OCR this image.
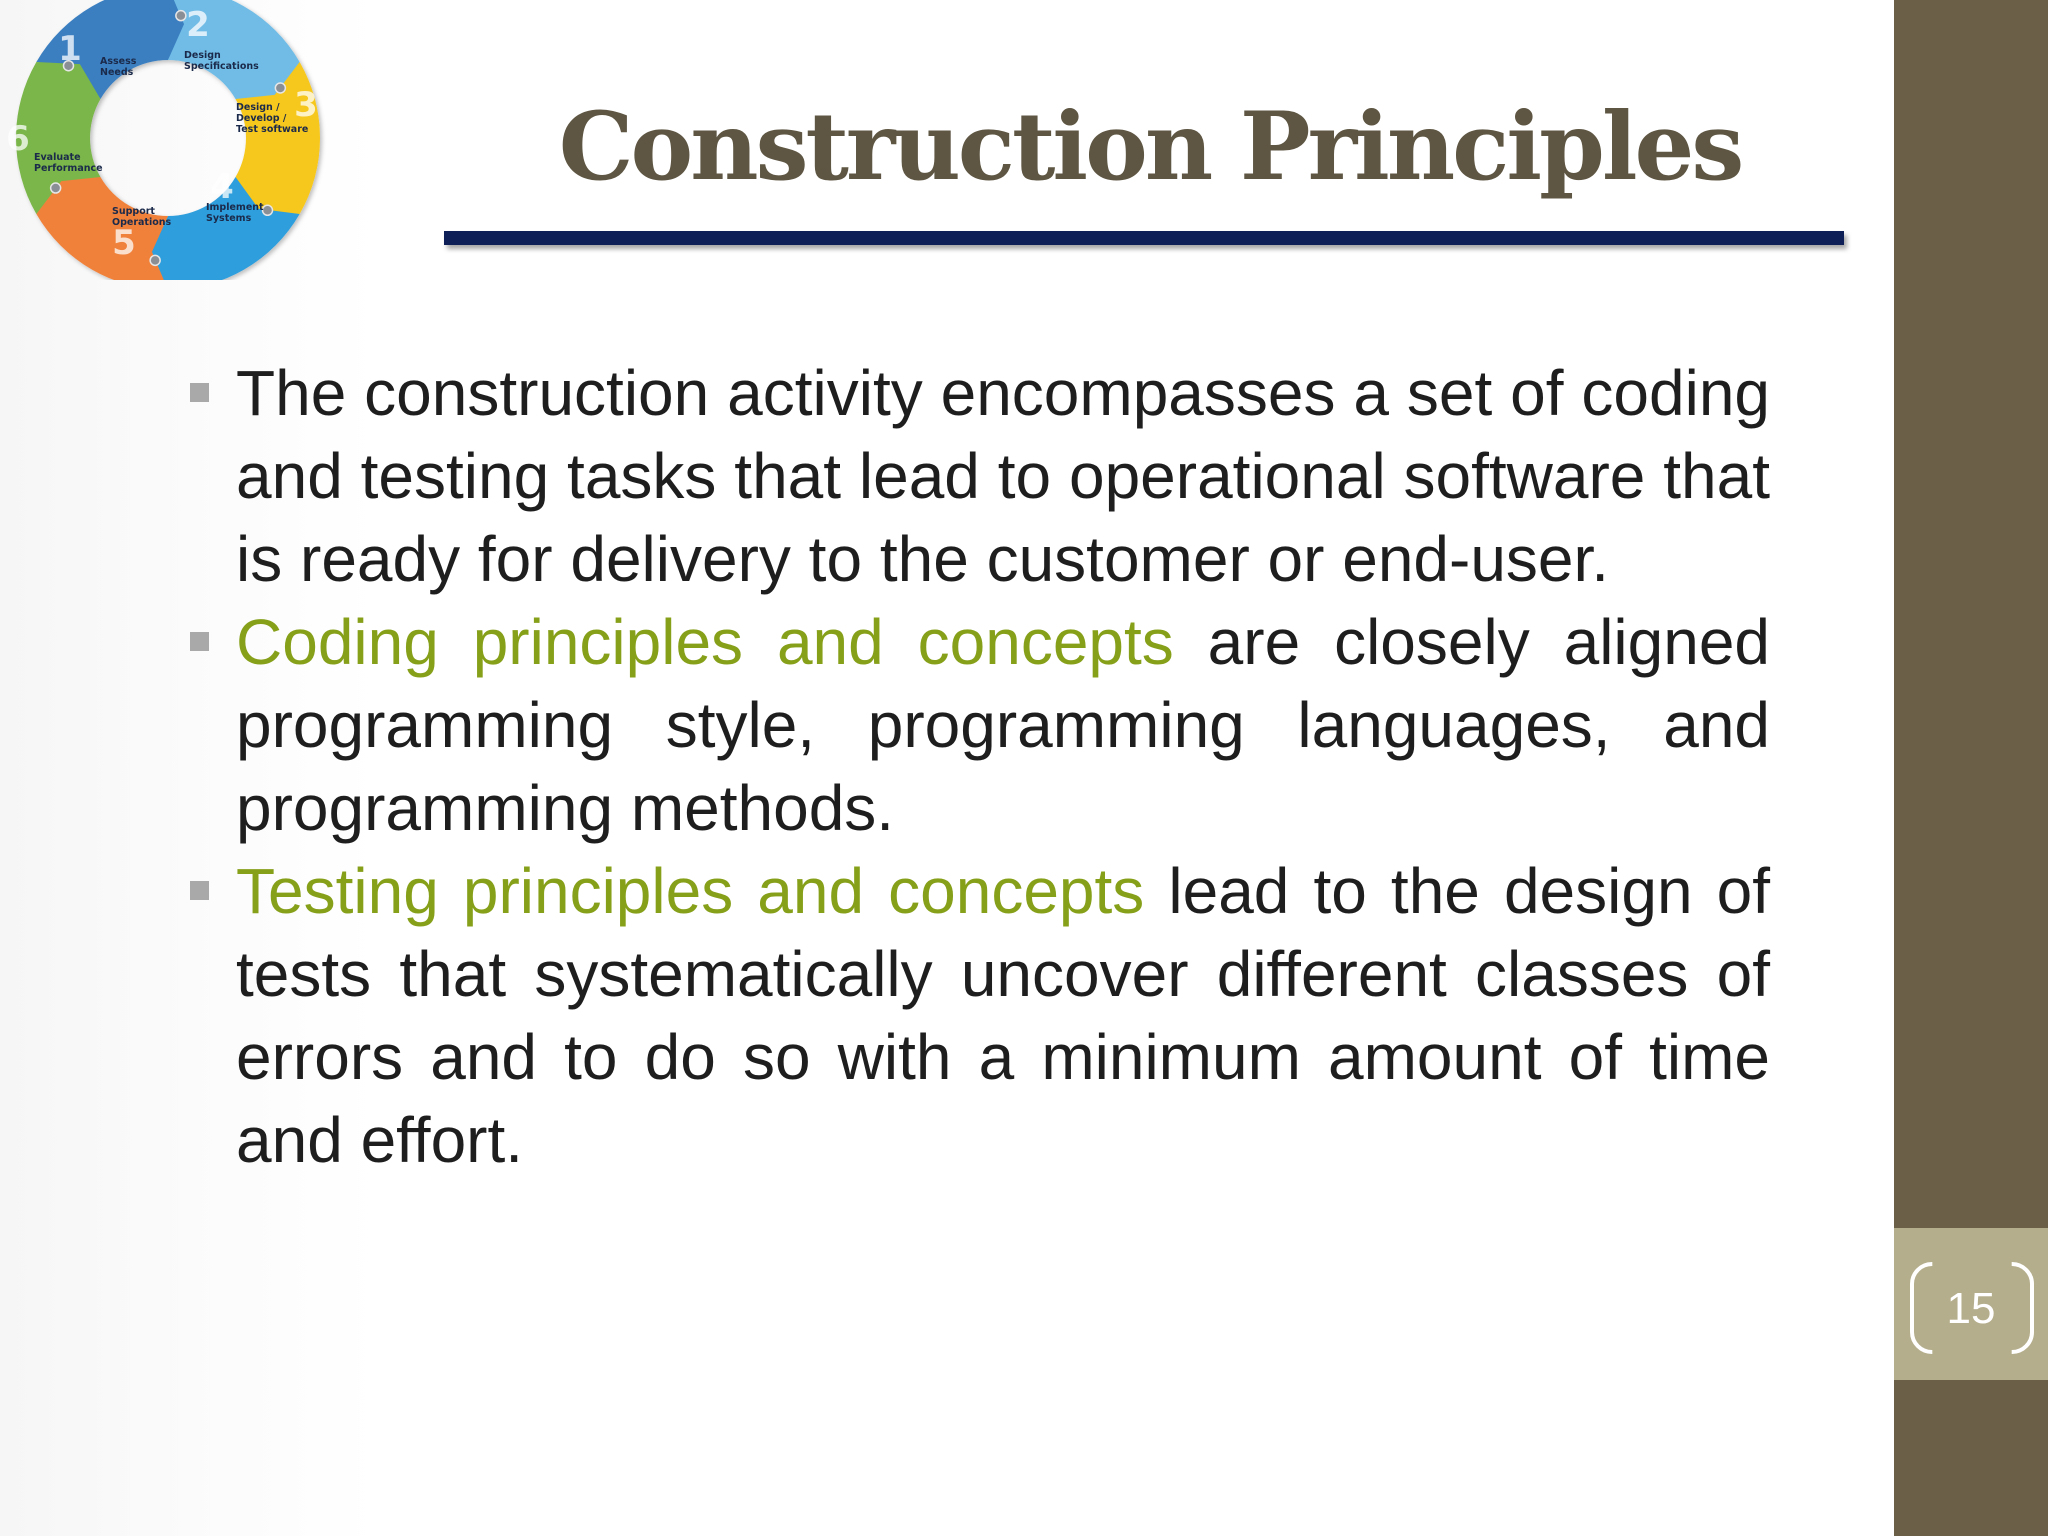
15
1 Assess
Needs
2
Design
Specifications
3
Design /
Develop /
Test software
4
Implement
Systems
5
Support
Operations
6 Evaluate
Performance	Construction Principles
The construction activity encompasses a set of coding and testing tasks that lead to operational software that is ready for delivery to the customer or end-user.
Coding principles and concepts are closely aligned programming style, programming languages, and programming methods.
Testing principles and concepts lead to the design of tests that systematically uncover different classes of errors and to do so with a minimum amount of time and effort.
